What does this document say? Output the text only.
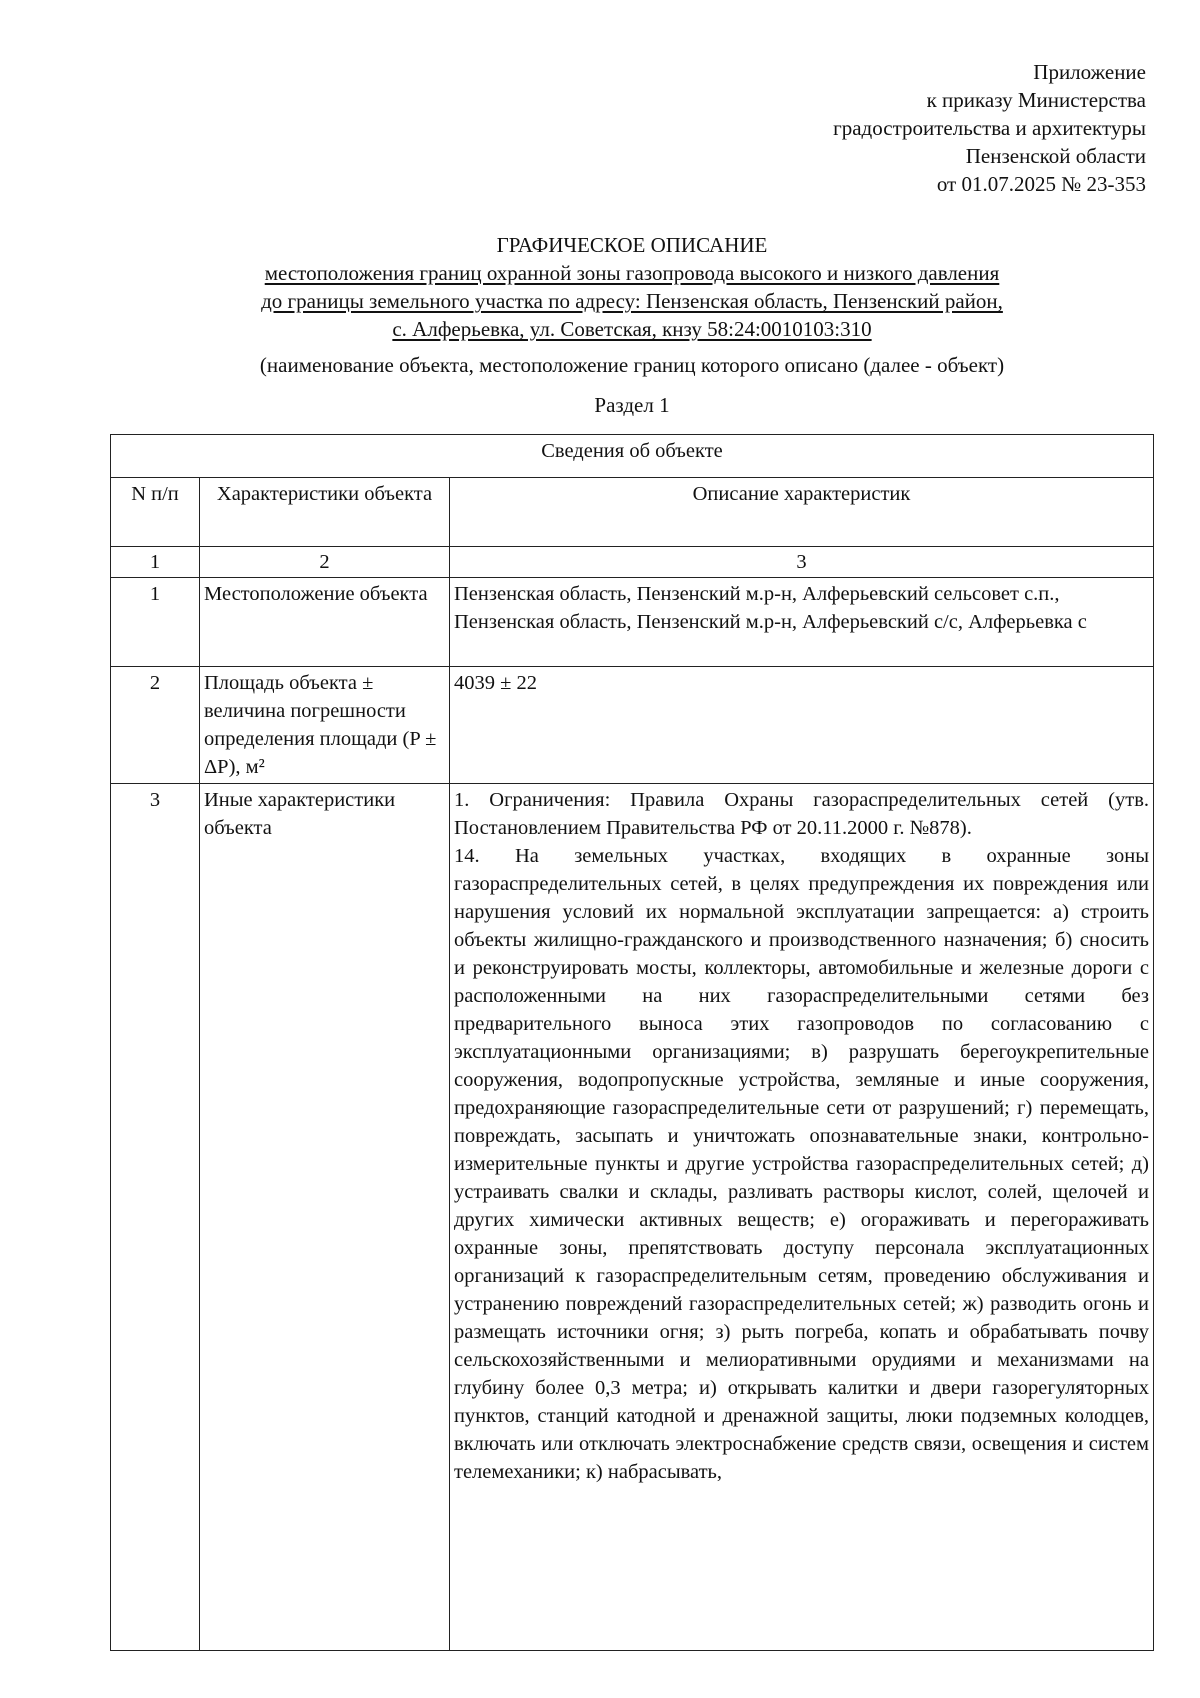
Приложение
к приказу Министерства
градостроительства и архитектуры
Пензенской области
от 01.07.2025 № 23-353
ГРАФИЧЕСКОЕ ОПИСАНИЕ
местоположения границ охранной зоны газопровода высокого и низкого давления
до границы земельного участка по адресу: Пензенская область, Пензенский район,
с. Алферьевка, ул. Советская, кнзу 58:24:0010103:310
(наименование объекта, местоположение границ которого описано (далее - объект)
Раздел 1
Сведения об объекте		
N п/п	Характеристики объекта	Описание характеристик
1	2	3
1	Местоположение объекта	Пензенская область, Пензенский м.р-н, Алферьевский сельсовет с.п., Пензенская область, Пензенский м.р-н, Алферьевский с/с, Алферьевка с
2	Площадь объекта ± величина погрешности определения площади (P ± ΔP), м²	4039 ± 22
3	Иные характеристики объекта	1. Ограничения: Правила Охраны газораспределительных сетей (утв. Постановлением Правительства РФ от 20.11.2000 г. №878).

14. На земельных участках, входящих в охранные зоны газораспределительных сетей, в целях предупреждения их повреждения или нарушения условий их нормальной эксплуатации запрещается: а) строить объекты жилищно-гражданского и производственного назначения; б) сносить и реконструировать мосты, коллекторы, автомобильные и железные дороги с расположенными на них газораспределительными сетями без предварительного выноса этих газопроводов по согласованию с эксплуатационными организациями; в) разрушать берегоукрепительные сооружения, водопропускные устройства, земляные и иные сооружения, предохраняющие газораспределительные сети от разрушений; г) перемещать, повреждать, засыпать и уничтожать опознавательные знаки, контрольно-измерительные пункты и другие устройства газораспределительных сетей; д) устраивать свалки и склады, разливать растворы кислот, солей, щелочей и других химически активных веществ; е) огораживать и перегораживать охранные зоны, препятствовать доступу персонала эксплуатационных организаций к газораспределительным сетям, проведению обслуживания и устранению повреждений газораспределительных сетей; ж) разводить огонь и размещать источники огня; з) рыть погреба, копать и обрабатывать почву сельскохозяйственными и мелиоративными орудиями и механизмами на глубину более 0,3 метра; и) открывать калитки и двери газорегуляторных пунктов, станций катодной и дренажной защиты, люки подземных колодцев, включать или отключать электроснабжение средств связи, освещения и систем телемеханики; к) набрасывать,
